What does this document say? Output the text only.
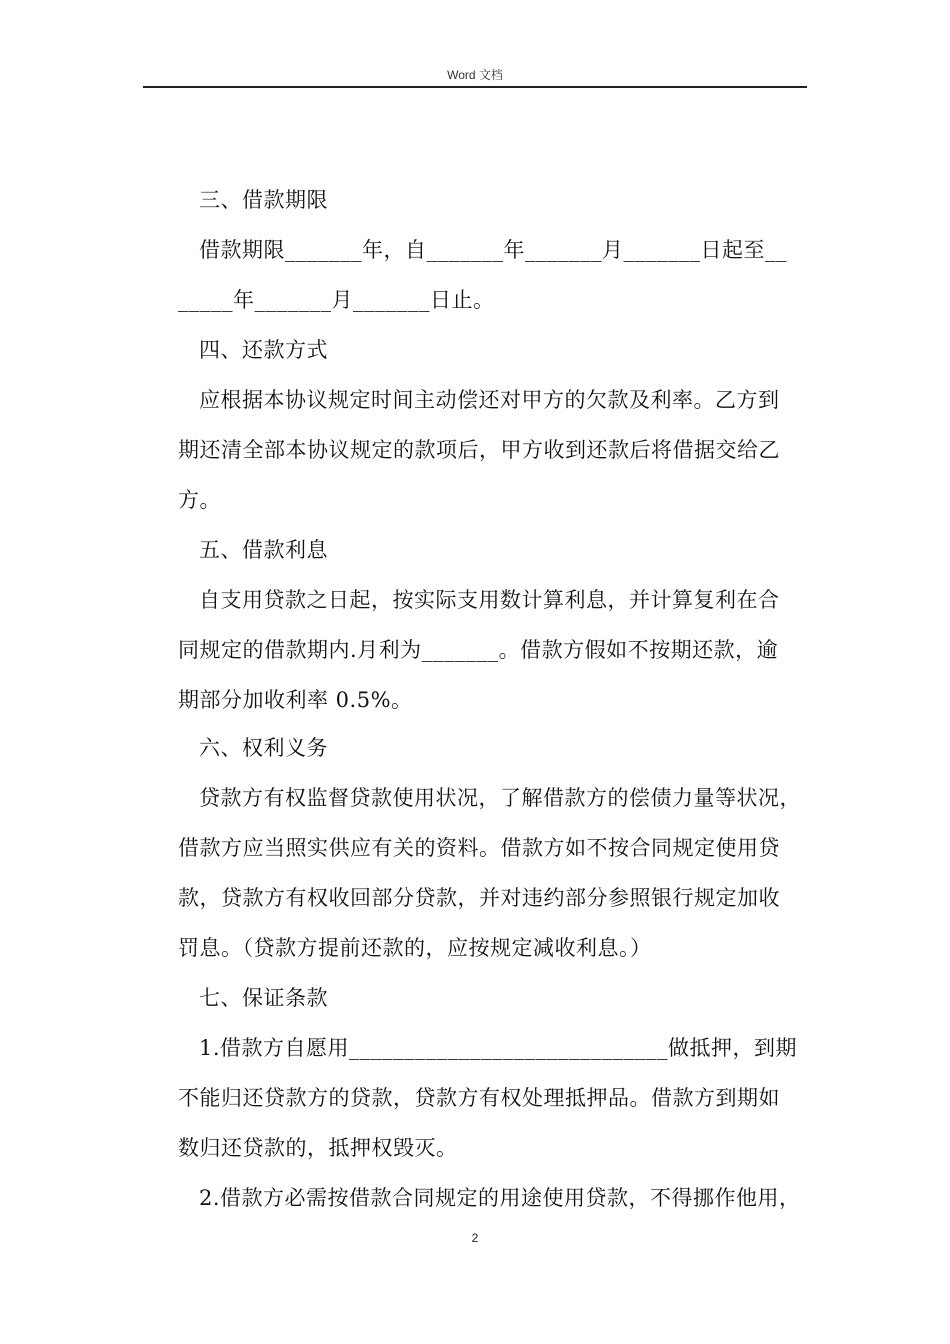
Word 文档
三、借款期限
借款期限_______年，自_______年_______月_______日起至__
_____年_______月_______日止。
四、还款方式
应根据本协议规定时间主动偿还对甲方的欠款及利率。乙方到
期还清全部本协议规定的款项后，甲方收到还款后将借据交给乙
方。
五、借款利息
自支用贷款之日起，按实际支用数计算利息，并计算复利在合
同规定的借款期内.月利为_______。借款方假如不按期还款，逾
期部分加收利率 0.5%。
六、权利义务
贷款方有权监督贷款使用状况，了解借款方的偿债力量等状况，
借款方应当照实供应有关的资料。借款方如不按合同规定使用贷
款，贷款方有权收回部分贷款，并对违约部分参照银行规定加收
罚息。（贷款方提前还款的，应按规定减收利息。）
七、保证条款
1.借款方自愿用_____________________________做抵押，到期
不能归还贷款方的贷款，贷款方有权处理抵押品。借款方到期如
数归还贷款的，抵押权毁灭。
2.借款方必需按借款合同规定的用途使用贷款，不得挪作他用，
2
